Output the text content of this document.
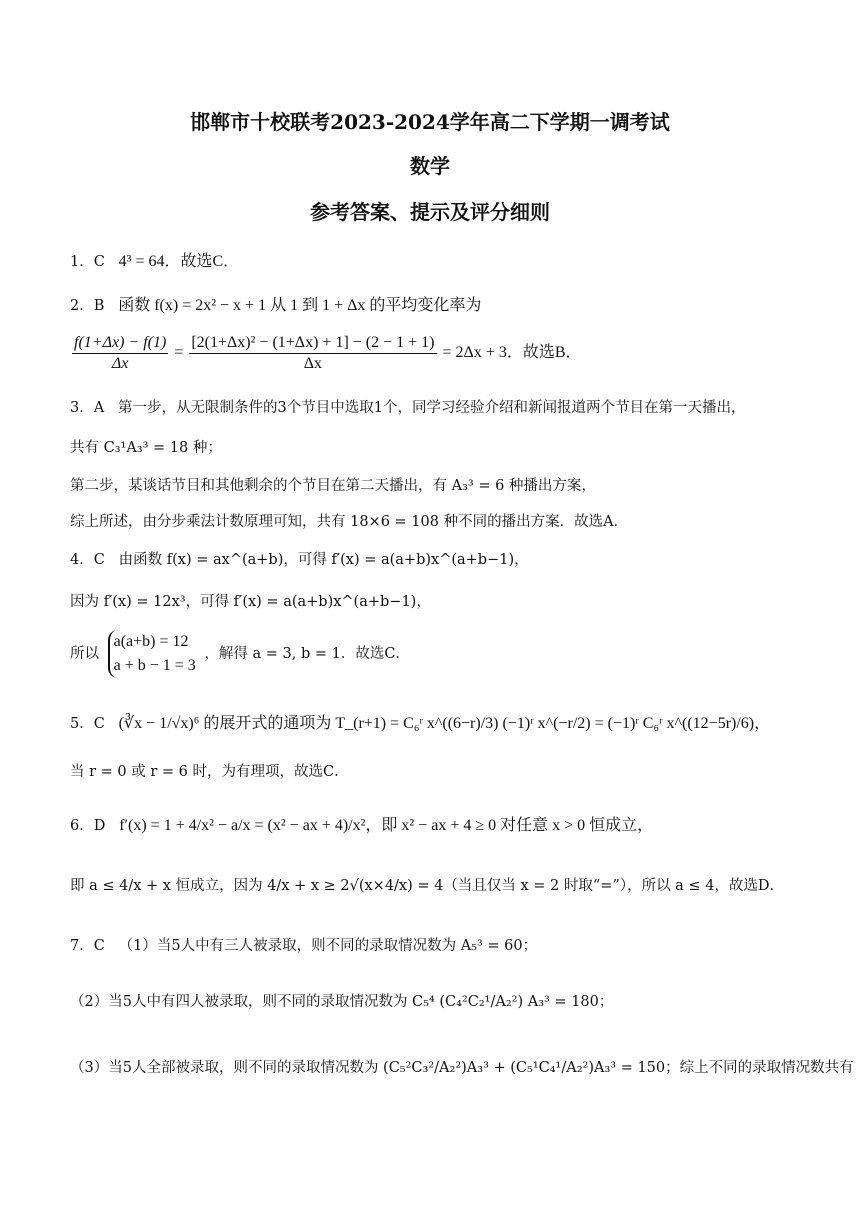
邯郸市十校联考2023-2024学年高二下学期一调考试
数学
参考答案、提示及评分细则
1．C 4³ = 64．故选C．
2．B 函数 f(x) = 2x² − x + 1 从 1 到 1 + Δx 的平均变化率为
$\frac{f(1+\Delta x) - f(1)}{\Delta x} = \frac{\text{[2(1+Δx)² − (1+Δx) + 1] − (2 − 1 + 1)}}{\Delta x} = 2\Delta x + 3$．故选B．
3．A 第一步，从无限制条件的3个节目中选取1个，同学习经验介绍和新闻报道两个节目在第一天播出，
共有 C₃¹A₃³ = 18 种；
第二步，某谈话节目和其他剩余的个节目在第二天播出，有 A₃³ = 6 种播出方案，
综上所述，由分步乘法计数原理可知，共有 18×6 = 108 种不同的播出方案．故选A．
4．C 由函数 f(x) = ax^(a+b)，可得 f′(x) = a(a+b)x^(a+b−1)，
因为 f′(x) = 12x³，可得 f′(x) = a(a+b)x^(a+b−1)，
所以
a(a+b) = 12
a + b − 1 = 3
，解得 a = 3, b = 1．故选C．
5．C (∛x − 1/√x)⁶ 的展开式的通项为 T_(r+1) = C₆ʳ x^((6−r)/3) (−1)ʳ x^(−r/2) = (−1)ʳ C₆ʳ x^((12−5r)/6)，
当 r = 0 或 r = 6 时，为有理项，故选C．
6．D f′(x) = 1 + 4/x² − a/x = (x² − ax + 4)/x²，即 x² − ax + 4 ≥ 0 对任意 x > 0 恒成立，
即 a ≤ 4/x + x 恒成立，因为 4/x + x ≥ 2√(x×4/x) = 4（当且仅当 x = 2 时取“=”），所以 a ≤ 4，故选D．
7．C （1）当5人中有三人被录取，则不同的录取情况数为 A₅³ = 60；
（2）当5人中有四人被录取，则不同的录取情况数为 C₅⁴ (C₄²C₂¹/A₂²) A₃³ = 180；
（3）当5人全部被录取，则不同的录取情况数为 (C₅²C₃²/A₂²)A₃³ + (C₅¹C₄¹/A₂²)A₃³ = 150；综上不同的录取情况数共有
